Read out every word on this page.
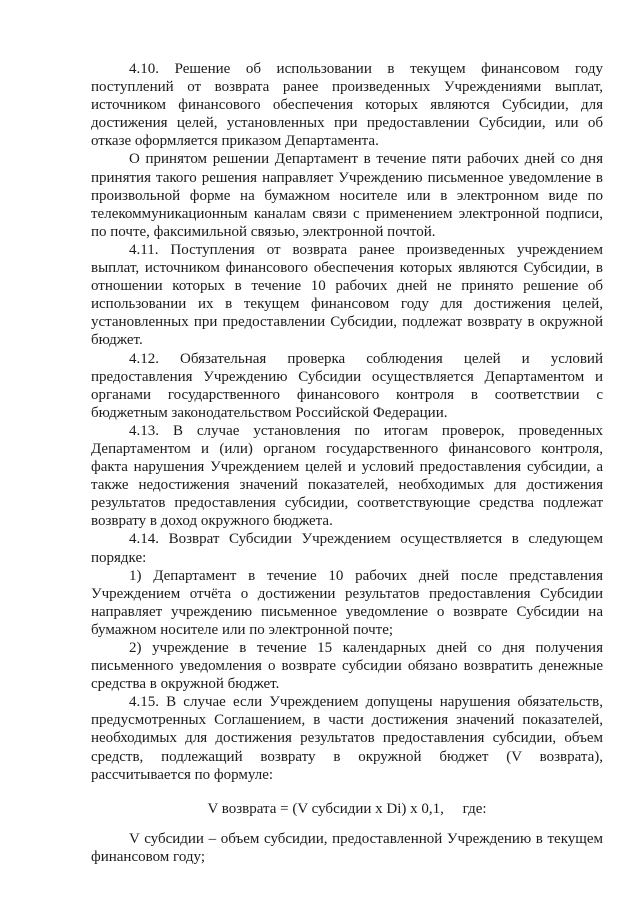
4.10. Решение об использовании в текущем финансовом году поступлений от возврата ранее произведенных Учреждениями выплат, источником финансового обеспечения которых являются Субсидии, для достижения целей, установленных при предоставлении Субсидии, или об отказе оформляется приказом Департамента.

О принятом решении Департамент в течение пяти рабочих дней со дня принятия такого решения направляет Учреждению письменное уведомление в произвольной форме на бумажном носителе или в электронном виде по телекоммуникационным каналам связи с применением электронной подписи, по почте, факсимильной связью, электронной почтой.

4.11. Поступления от возврата ранее произведенных учреждением выплат, источником финансового обеспечения которых являются Субсидии, в отношении которых в течение 10 рабочих дней не принято решение об использовании их в текущем финансовом году для достижения целей, установленных при предоставлении Субсидии, подлежат возврату в окружной бюджет.

4.12. Обязательная проверка соблюдения целей и условий предоставления Учреждению Субсидии осуществляется Департаментом и органами государственного финансового контроля в соответствии с бюджетным законодательством Российской Федерации.

4.13. В случае установления по итогам проверок, проведенных Департаментом и (или) органом государственного финансового контроля, факта нарушения Учреждением целей и условий предоставления субсидии, а также недостижения значений показателей, необходимых для достижения результатов предоставления субсидии, соответствующие средства подлежат возврату в доход окружного бюджета.

4.14. Возврат Субсидии Учреждением осуществляется в следующем порядке:

1) Департамент в течение 10 рабочих дней после представления Учреждением отчёта о достижении результатов предоставления Субсидии направляет учреждению письменное уведомление о возврате Субсидии на бумажном носителе или по электронной почте;

2) учреждение в течение 15 календарных дней со дня получения письменного уведомления о возврате субсидии обязано возвратить денежные средства в окружной бюджет.

4.15. В случае если Учреждением допущены нарушения обязательств, предусмотренных Соглашением, в части достижения значений показателей, необходимых для достижения результатов предоставления субсидии, объем средств, подлежащий возврату в окружной бюджет (V возврата), рассчитывается по формуле:

V возврата = (V субсидии x Di) x 0,1,     где:

V субсидии – объем субсидии, предоставленной Учреждению в текущем финансовом году;
